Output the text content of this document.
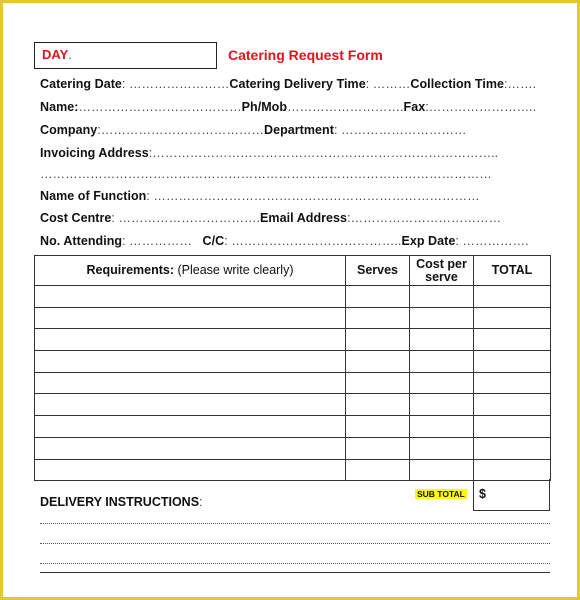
DAY.	Catering Request Form
Catering Date: ……………………Catering Delivery Time: ………Collection Time:…….
Name:…………………………………Ph/Mob……………………….Fax:……………………..
Company:…………………………………Department: …………………………
Invoicing Address:………………………………………………………………………..
………………………………………………………………………………………………
Name of Function: ……………………………………………………………………
Cost Centre: …………………………….Email Address:………………………………
No. Attending: …………… C/C: …………………………………..Exp Date: …………….
Requirements: (Please write clearly)	Serves	Cost per serve	TOTAL

SUB TOTAL	$
DELIVERY INSTRUCTIONS:
